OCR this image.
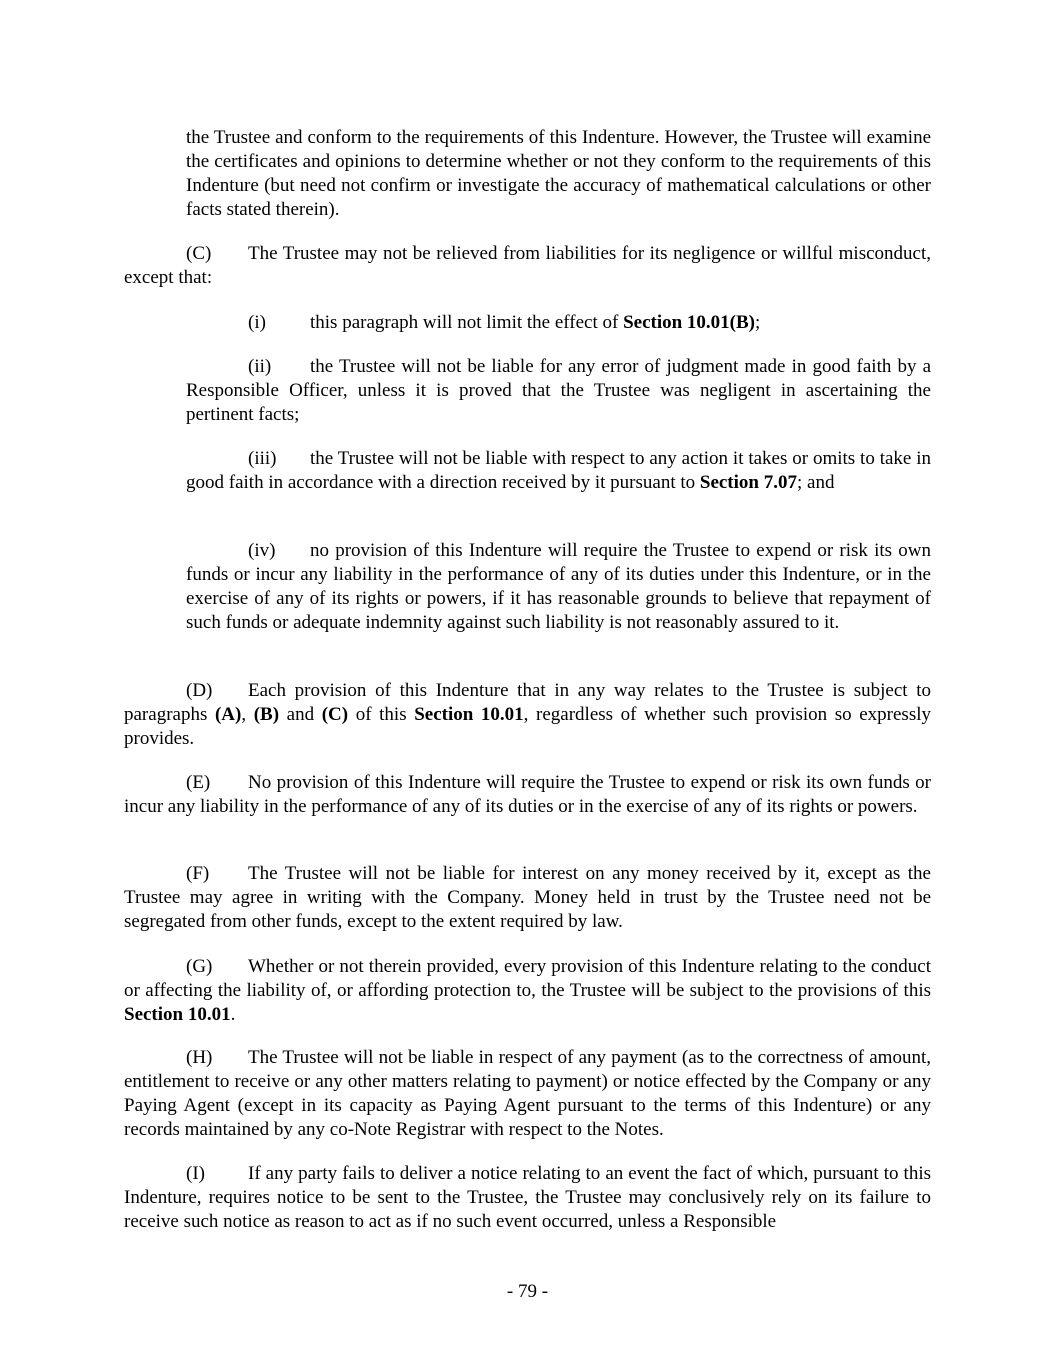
the Trustee and conform to the requirements of this Indenture. However, the Trustee will examine the certificates and opinions to determine whether or not they conform to the requirements of this Indenture (but need not confirm or investigate the accuracy of mathematical calculations or other facts stated therein).

(C) The Trustee may not be relieved from liabilities for its negligence or willful misconduct, except that:

(i) this paragraph will not limit the effect of Section 10.01(B);

(ii) the Trustee will not be liable for any error of judgment made in good faith by a Responsible Officer, unless it is proved that the Trustee was negligent in ascertaining the pertinent facts;

(iii) the Trustee will not be liable with respect to any action it takes or omits to take in good faith in accordance with a direction received by it pursuant to Section 7.07; and

(iv) no provision of this Indenture will require the Trustee to expend or risk its own funds or incur any liability in the performance of any of its duties under this Indenture, or in the exercise of any of its rights or powers, if it has reasonable grounds to believe that repayment of such funds or adequate indemnity against such liability is not reasonably assured to it.

(D) Each provision of this Indenture that in any way relates to the Trustee is subject to paragraphs (A), (B) and (C) of this Section 10.01, regardless of whether such provision so expressly provides.

(E) No provision of this Indenture will require the Trustee to expend or risk its own funds or incur any liability in the performance of any of its duties or in the exercise of any of its rights or powers.

(F) The Trustee will not be liable for interest on any money received by it, except as the Trustee may agree in writing with the Company. Money held in trust by the Trustee need not be segregated from other funds, except to the extent required by law.

(G) Whether or not therein provided, every provision of this Indenture relating to the conduct or affecting the liability of, or affording protection to, the Trustee will be subject to the provisions of this Section 10.01.

(H) The Trustee will not be liable in respect of any payment (as to the correctness of amount, entitlement to receive or any other matters relating to payment) or notice effected by the Company or any Paying Agent (except in its capacity as Paying Agent pursuant to the terms of this Indenture) or any records maintained by any co-Note Registrar with respect to the Notes.

(I) If any party fails to deliver a notice relating to an event the fact of which, pursuant to this Indenture, requires notice to be sent to the Trustee, the Trustee may conclusively rely on its failure to receive such notice as reason to act as if no such event occurred, unless a Responsible

- 79 -
